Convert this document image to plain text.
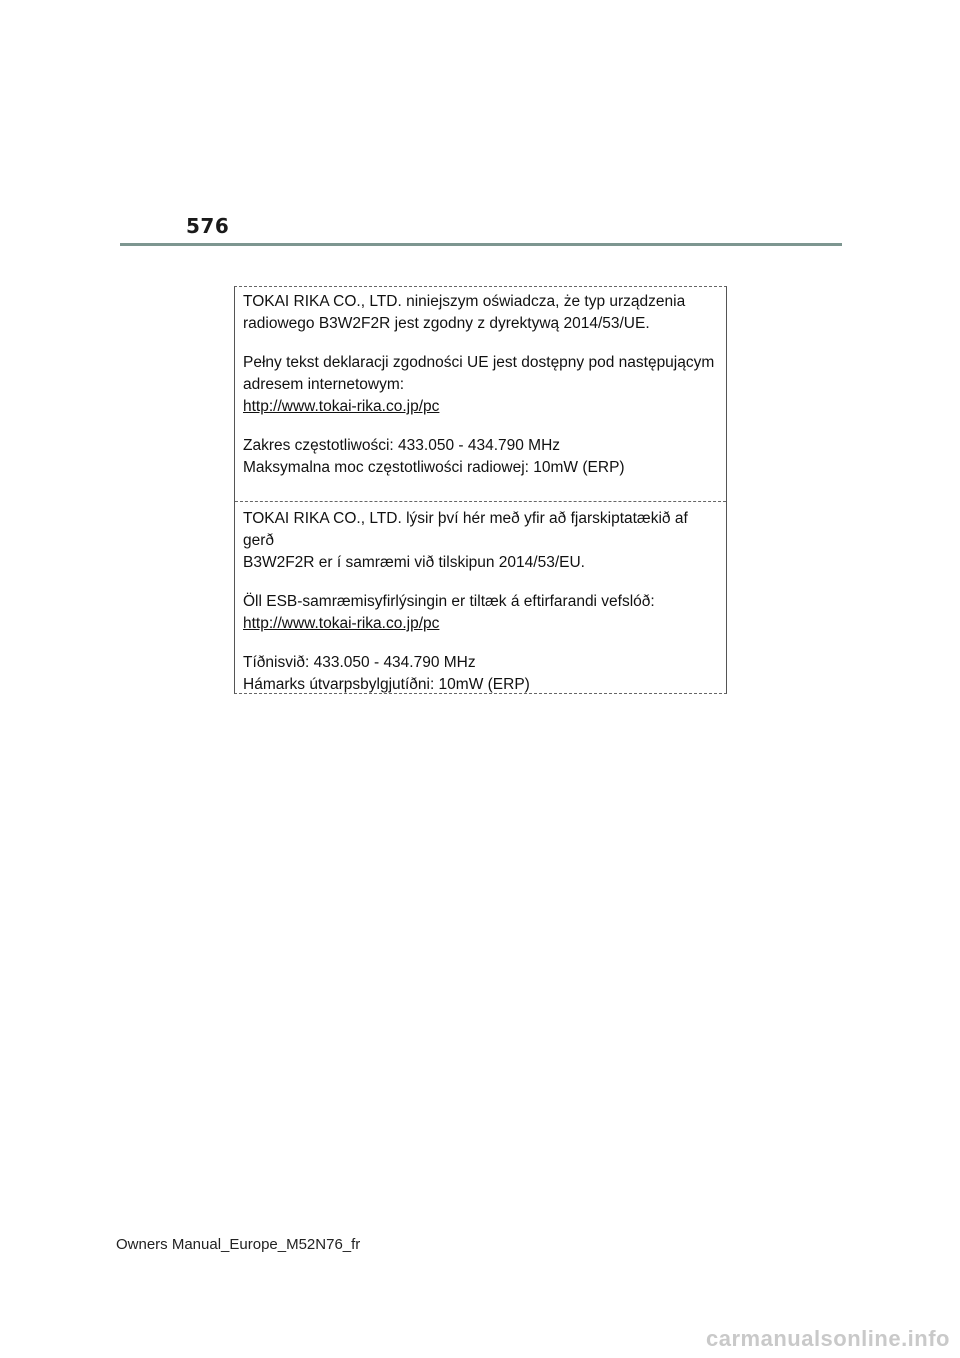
576

TOKAI RIKA CO., LTD. niniejszym oświadcza, że typ urządzenia

radiowego B3W2F2R jest zgodny z dyrektywą 2014/53/UE.

Pełny tekst deklaracji zgodności UE jest dostępny pod następującym

adresem internetowym:

http://www.tokai-rika.co.jp/pc

Zakres częstotliwości: 433.050 - 434.790 MHz

Maksymalna moc częstotliwości radiowej: 10mW (ERP)

TOKAI RIKA CO., LTD. lýsir því hér með yfir að fjarskiptatækið af gerð

B3W2F2R er í samræmi við tilskipun 2014/53/EU.

Öll ESB-samræmisyfirlýsingin er tiltæk á eftirfarandi vefslóð:

http://www.tokai-rika.co.jp/pc

Tíðnisvið: 433.050 - 434.790 MHz

Hámarks útvarpsbylgjutíðni: 10mW (ERP)

Owners Manual_Europe_M52N76_fr
carmanualsonline.info
